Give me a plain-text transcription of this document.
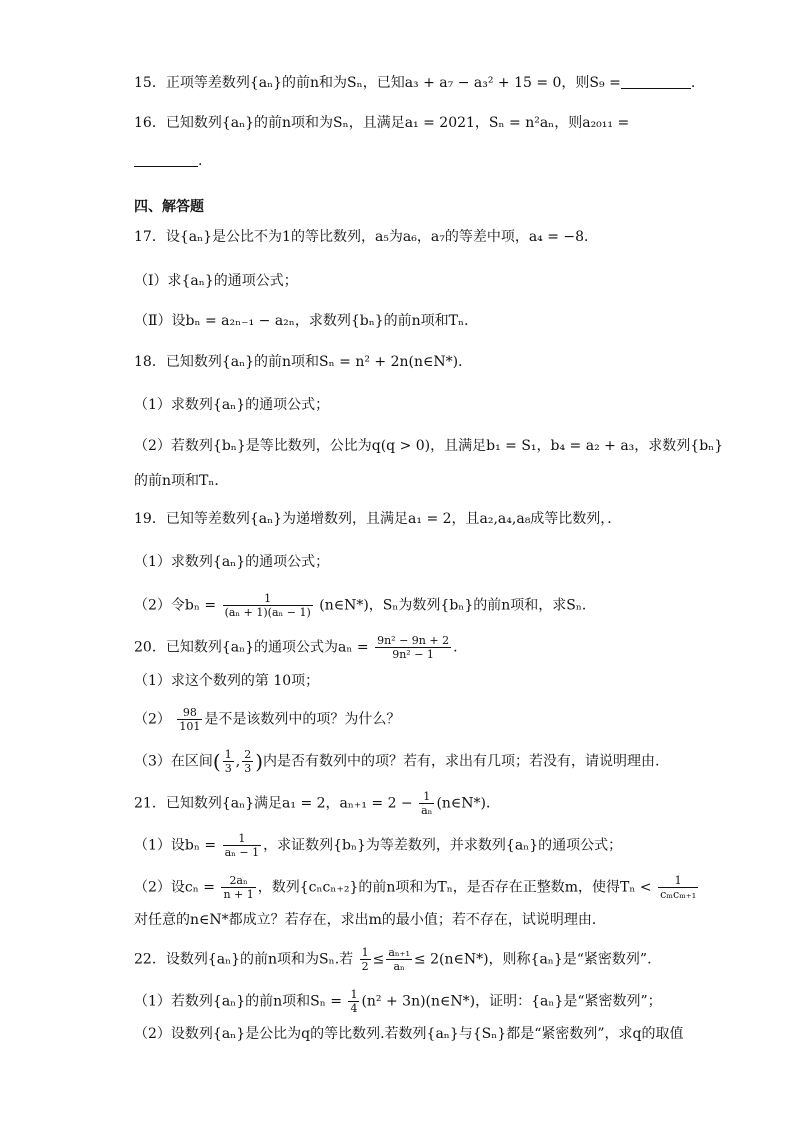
15．正项等差数列{aₙ}的前n和为Sₙ，已知a₃ + a₇ − a₃² + 15 = 0，则S₉ =	.
16．已知数列{aₙ}的前n项和为Sₙ，且满足a₁ = 2021，Sₙ = n²aₙ，则a₂₀₁₁ =
.
四、解答题
17．设{aₙ}是公比不为1的等比数列，a₅为a₆，a₇的等差中项，a₄ = −8．
（Ⅰ）求{aₙ}的通项公式；
（Ⅱ）设bₙ = a₂ₙ₋₁ − a₂ₙ，求数列{bₙ}的前n项和Tₙ．
18．已知数列{aₙ}的前n项和Sₙ = n² + 2n(n∈N*)．
（1）求数列{aₙ}的通项公式；
（2）若数列{bₙ}是等比数列，公比为q(q > 0)，且满足b₁ = S₁，b₄ = a₂ + a₃，求数列{bₙ}
的前n项和Tₙ．
19．已知等差数列{aₙ}为递增数列，且满足a₁ = 2，且a₂,a₄,a₈成等比数列，．
（1）求数列{aₙ}的通项公式；
（2）令$b_n = \frac{1}{\text{(aₙ + 1)(aₙ − 1)}}$ (n∈N*)，Sₙ为数列{bₙ}的前n项和，求Sₙ．
20．已知数列{aₙ}的通项公式为$a_n = \frac{\text{9n² − 9n + 2}}{\text{9n² − 1}}$ .
（1）求这个数列的第 10项；
$(2) \frac{98}{101}$ 是不是该数列中的项？为什么？
（3）在区间( $\frac{1}{3}$ , $\frac{2}{3}$ )内是否有数列中的项？若有，求出有几项；若没有，请说明理由.
21．已知数列{aₙ}满足a₁ = 2，$a_{n+1} = 2 - \frac{1}{\text{aₙ}}$ (n∈N*)．
（1）设$b_n = \frac{1}{\text{aₙ − 1}}$ ，求证数列{bₙ}为等差数列，并求数列{aₙ}的通项公式；
（2）设$c_n = \frac{\text{2aₙ}}{n + 1}$ ，数列{cₙcₙ₊₂}的前n项和为Tₙ，是否存在正整数m，使得$T_n < \frac{1}{\text{cₘcₘ₊₁}}$
对任意的n∈N*都成立？若存在，求出m的最小值；若不存在，试说明理由．
22．设数列{aₙ}的前n项和为Sₙ.若 $\frac{1}{2} \le \frac{\text{aₙ₊₁}}{\text{aₙ}}$ ≤ 2(n∈N*)，则称{aₙ}是“紧密数列”.
（1）若数列{aₙ}的前n项和$S_n = \frac{1}{4} (n^2$ + 3n)(n∈N*)，证明：{aₙ}是“紧密数列”；
（2）设数列{aₙ}是公比为q的等比数列.若数列{aₙ}与{Sₙ}都是“紧密数列”，求q的取值
